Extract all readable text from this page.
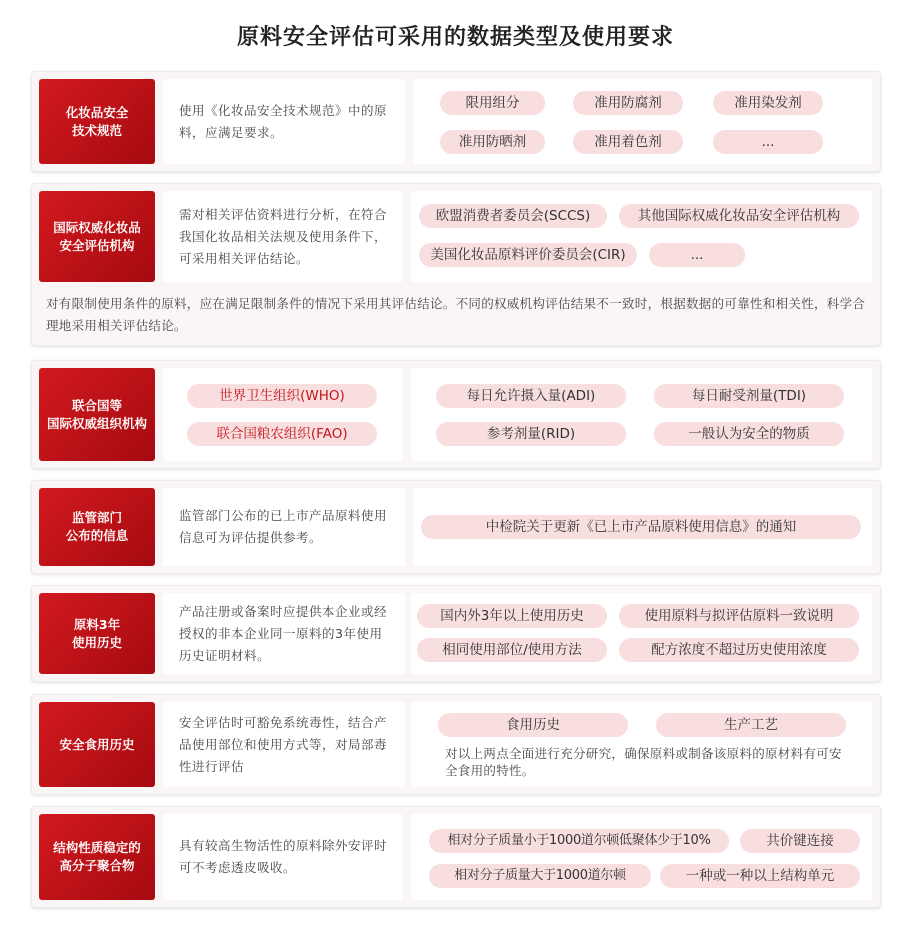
原料安全评估可采用的数据类型及使用要求
化妆品安全
技术规范
使用《化妆品安全技术规范》中的原料，应满足要求。
限用组分	准用防腐剂	准用染发剂
准用防晒剂	准用着色剂	...
国际权威化妆品
安全评估机构
需对相关评估资料进行分析，在符合我国化妆品相关法规及使用条件下，可采用相关评估结论。
欧盟消费者委员会(SCCS)	其他国际权威化妆品安全评估机构
美国化妆品原料评价委员会(CIR)	...
对有限制使用条件的原料，应在满足限制条件的情况下采用其评估结论。不同的权威机构评估结果不一致时，根据数据的可靠性和相关性，科学合理地采用相关评估结论。
联合国等
国际权威组织机构
世界卫生组织(WHO)
联合国粮农组织(FAO)
每日允许摄入量(ADI)	每日耐受剂量(TDI)
参考剂量(RID)	一般认为安全的物质
监管部门
公布的信息
监管部门公布的已上市产品原料使用信息可为评估提供参考。
中检院关于更新《已上市产品原料使用信息》的通知
原料3年
使用历史
产品注册或备案时应提供本企业或经授权的非本企业同一原料的3年使用历史证明材料。
国内外3年以上使用历史	使用原料与拟评估原料一致说明
相同使用部位/使用方法	配方浓度不超过历史使用浓度
安全食用历史
安全评估时可豁免系统毒性，结合产品使用部位和使用方式等，对局部毒性进行评估
食用历史	生产工艺
对以上两点全面进行充分研究，确保原料或制备该原料的原材料有可安全食用的特性。
结构性质稳定的
高分子聚合物
具有较高生物活性的原料除外安评时可不考虑透皮吸收。
相对分子质量小于1000道尔顿低聚体少于10%	共价键连接
相对分子质量大于1000道尔顿	一种或一种以上结构单元
